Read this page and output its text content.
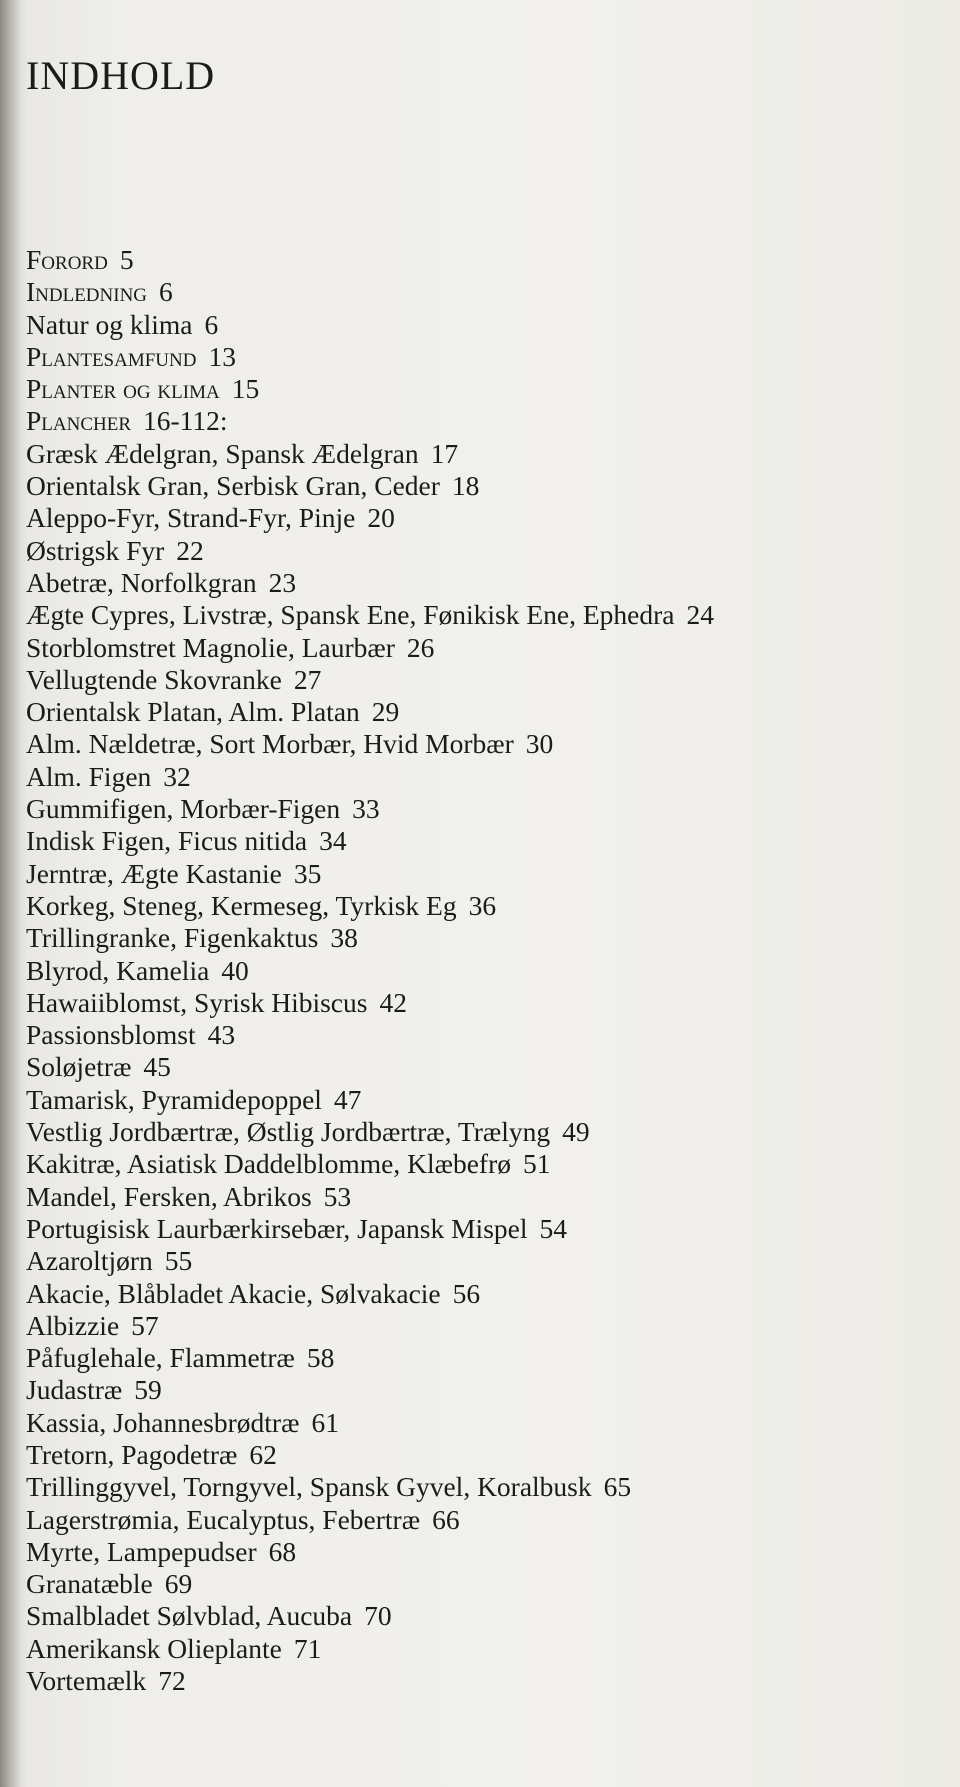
INDHOLD
Forord 5
Indledning 6
Natur og klima 6
Plantesamfund 13
Planter og klima 15
Plancher 16-112:
Græsk Ædelgran, Spansk Ædelgran 17
Orientalsk Gran, Serbisk Gran, Ceder 18
Aleppo-Fyr, Strand-Fyr, Pinje 20
Østrigsk Fyr 22
Abetræ, Norfolkgran 23
Ægte Cypres, Livstræ, Spansk Ene, Fønikisk Ene, Ephedra 24
Storblomstret Magnolie, Laurbær 26
Vellugtende Skovranke 27
Orientalsk Platan, Alm. Platan 29
Alm. Nældetræ, Sort Morbær, Hvid Morbær 30
Alm. Figen 32
Gummifigen, Morbær-Figen 33
Indisk Figen, Ficus nitida 34
Jerntræ, Ægte Kastanie 35
Korkeg, Steneg, Kermeseg, Tyrkisk Eg 36
Trillingranke, Figenkaktus 38
Blyrod, Kamelia 40
Hawaiiblomst, Syrisk Hibiscus 42
Passionsblomst 43
Soløjetræ 45
Tamarisk, Pyramidepoppel 47
Vestlig Jordbærtræ, Østlig Jordbærtræ, Trælyng 49
Kakitræ, Asiatisk Daddelblomme, Klæbefrø 51
Mandel, Fersken, Abrikos 53
Portugisisk Laurbærkirsebær, Japansk Mispel 54
Azaroltjørn 55
Akacie, Blåbladet Akacie, Sølvakacie 56
Albizzie 57
Påfuglehale, Flammetræ 58
Judastræ 59
Kassia, Johannesbrødtræ 61
Tretorn, Pagodetræ 62
Trillinggyvel, Torngyvel, Spansk Gyvel, Koralbusk 65
Lagerstrømia, Eucalyptus, Febertræ 66
Myrte, Lampepudser 68
Granatæble 69
Smalbladet Sølvblad, Aucuba 70
Amerikansk Olieplante 71
Vortemælk 72
